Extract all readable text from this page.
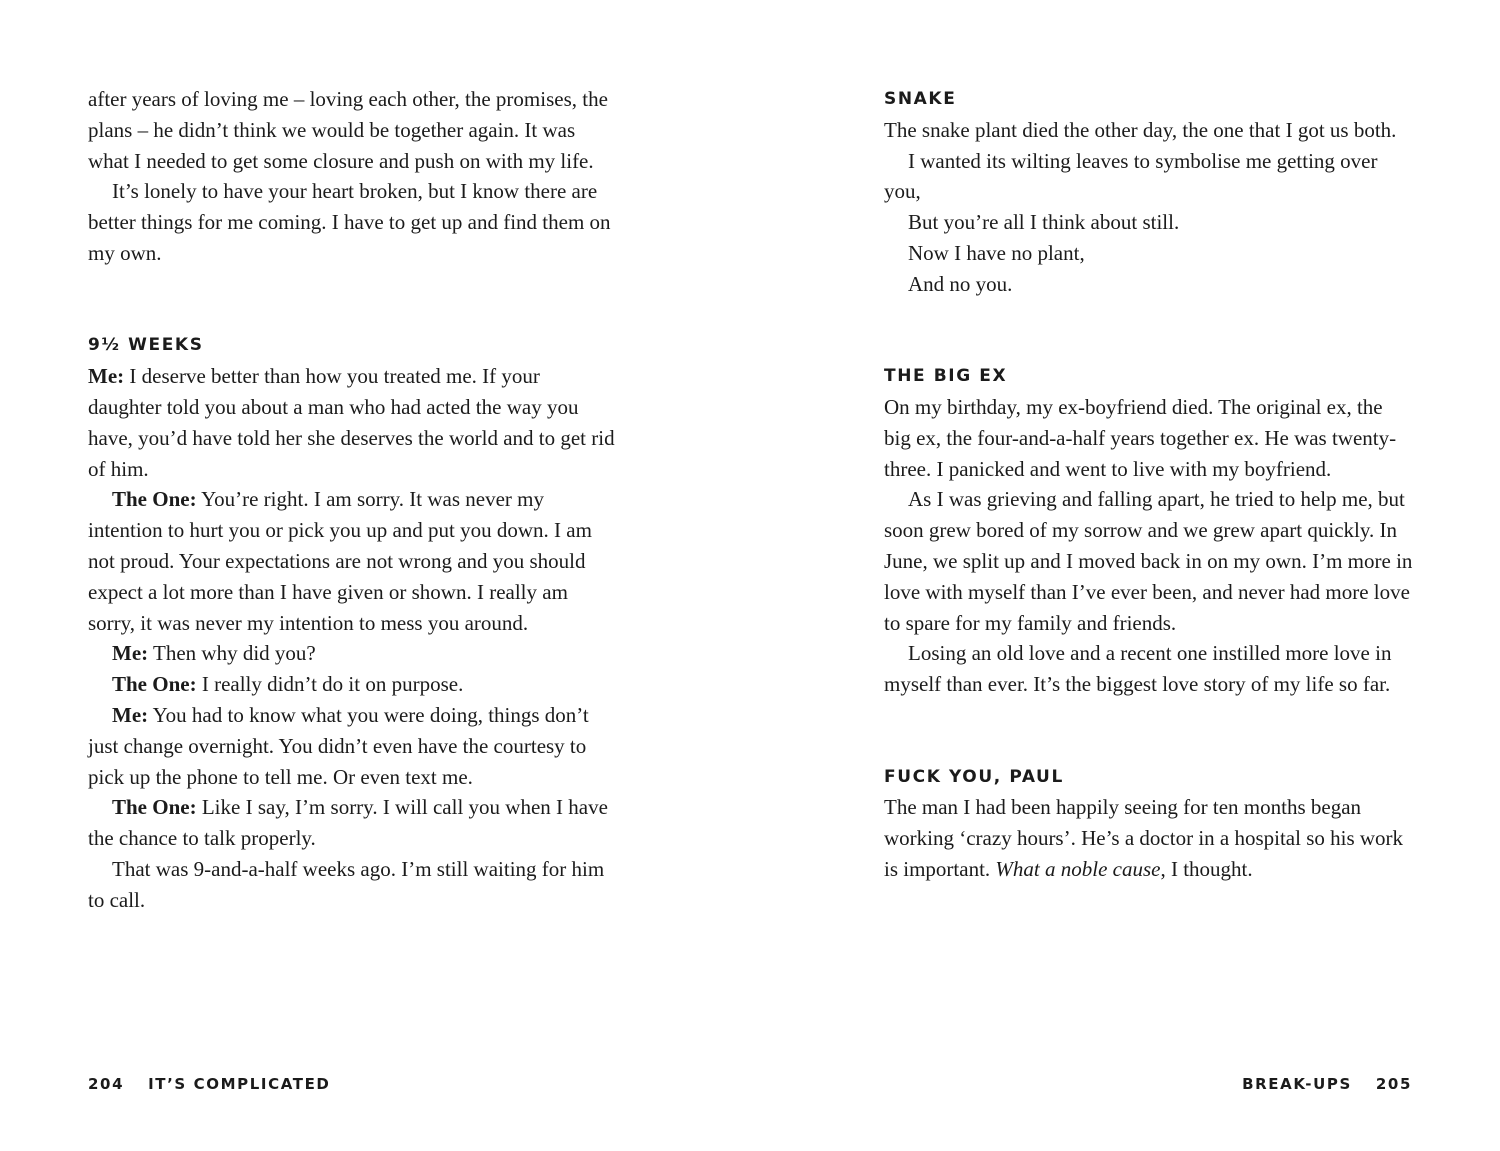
after years of loving me – loving each other, the promises, the plans – he didn’t think we would be together again. It was what I needed to get some closure and push on with my life.

It’s lonely to have your heart broken, but I know there are better things for me coming. I have to get up and find them on my own.

9½ WEEKS

Me: I deserve better than how you treated me. If your daughter told you about a man who had acted the way you have, you’d have told her she deserves the world and to get rid of him.

The One: You’re right. I am sorry. It was never my intention to hurt you or pick you up and put you down. I am not proud. Your expectations are not wrong and you should expect a lot more than I have given or shown. I really am sorry, it was never my intention to mess you around.

Me: Then why did you?

The One: I really didn’t do it on purpose.

Me: You had to know what you were doing, things don’t just change overnight. You didn’t even have the courtesy to pick up the phone to tell me. Or even text me.

The One: Like I say, I’m sorry. I will call you when I have the chance to talk properly.

That was 9-and-a-half weeks ago. I’m still waiting for him to call.

204 IT’S COMPLICATED
SNAKE

The snake plant died the other day, the one that I got us both.

I wanted its wilting leaves to symbolise me getting over you,

But you’re all I think about still.

Now I have no plant,

And no you.

THE BIG EX

On my birthday, my ex-boyfriend died. The original ex, the big ex, the four-and-a-half years together ex. He was twenty-three. I panicked and went to live with my boyfriend.

As I was grieving and falling apart, he tried to help me, but soon grew bored of my sorrow and we grew apart quickly. In June, we split up and I moved back in on my own. I’m more in love with myself than I’ve ever been, and never had more love to spare for my family and friends.

Losing an old love and a recent one instilled more love in myself than ever. It’s the biggest love story of my life so far.

FUCK YOU, PAUL

The man I had been happily seeing for ten months began working ‘crazy hours’. He’s a doctor in a hospital so his work is important. What a noble cause, I thought.

BREAK-UPS 205
